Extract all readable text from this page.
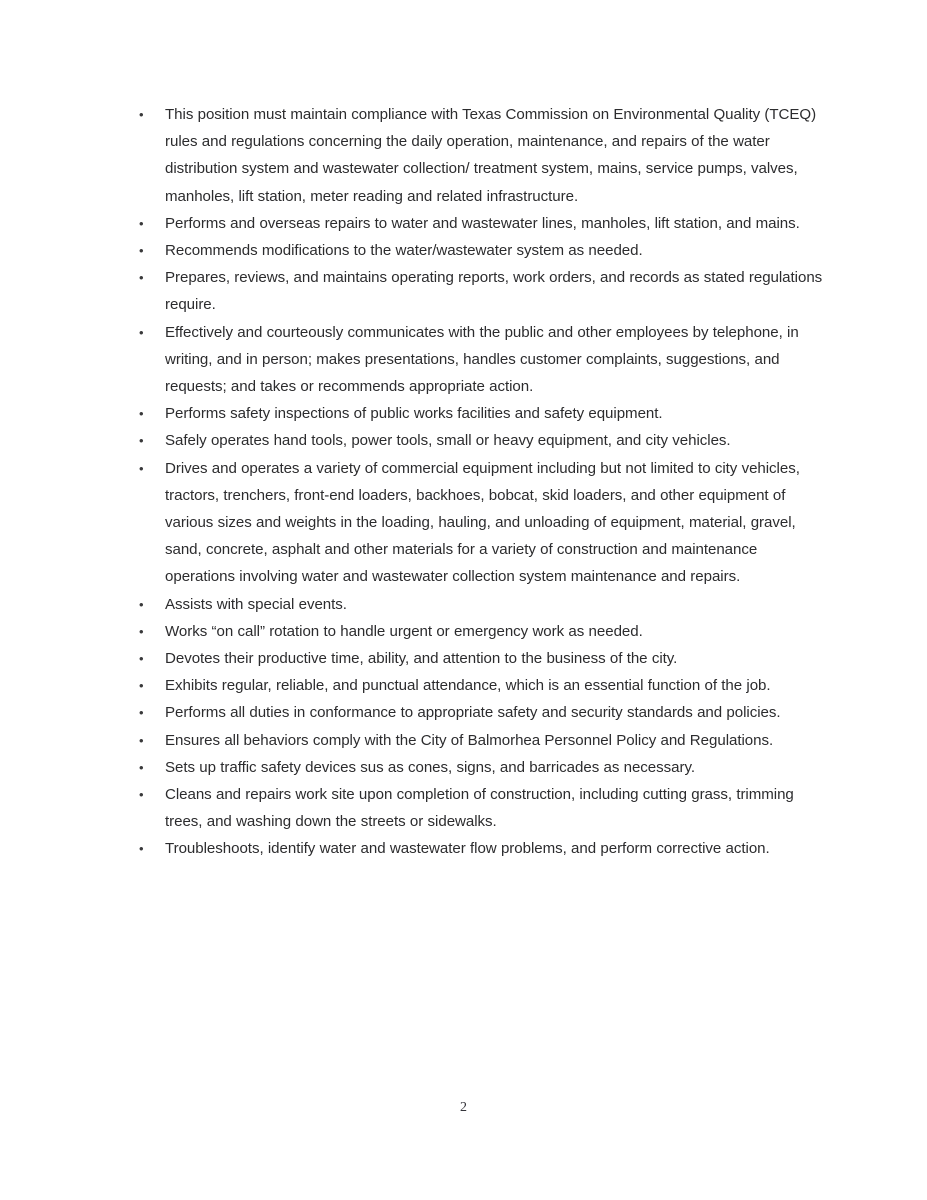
•	This position must maintain compliance with Texas Commission on Environmental Quality (TCEQ) rules and regulations concerning the daily operation, maintenance, and repairs of the water distribution system and wastewater collection/ treatment system, mains, service pumps, valves, manholes, lift station, meter reading and related infrastructure.
•	Performs and overseas repairs to water and wastewater lines, manholes, lift station, and mains.
•	Recommends modifications to the water/wastewater system as needed.
•	Prepares, reviews, and maintains operating reports, work orders, and records as stated regulations require.
•	Effectively and courteously communicates with the public and other employees by telephone, in writing, and in person; makes presentations, handles customer complaints, suggestions, and requests; and takes or recommends appropriate action.
•	Performs safety inspections of public works facilities and safety equipment.
•	Safely operates hand tools, power tools, small or heavy equipment, and city vehicles.
•	Drives and operates a variety of commercial equipment including but not limited to city vehicles, tractors, trenchers, front-end loaders, backhoes, bobcat, skid loaders, and other equipment of various sizes and weights in the loading, hauling, and unloading of equipment, material, gravel, sand, concrete, asphalt and other materials for a variety of construction and maintenance operations involving water and wastewater collection system maintenance and repairs.
•	Assists with special events.
•	Works “on call” rotation to handle urgent or emergency work as needed.
•	Devotes their productive time, ability, and attention to the business of the city.
•	Exhibits regular, reliable, and punctual attendance, which is an essential function of the job.
•	Performs all duties in conformance to appropriate safety and security standards and policies.
•	Ensures all behaviors comply with the City of Balmorhea Personnel Policy and Regulations.
•	Sets up traffic safety devices sus as cones, signs, and barricades as necessary.
•	Cleans and repairs work site upon completion of construction, including cutting grass, trimming trees, and washing down the streets or sidewalks.
•	Troubleshoots, identify water and wastewater flow problems, and perform corrective action.
2
